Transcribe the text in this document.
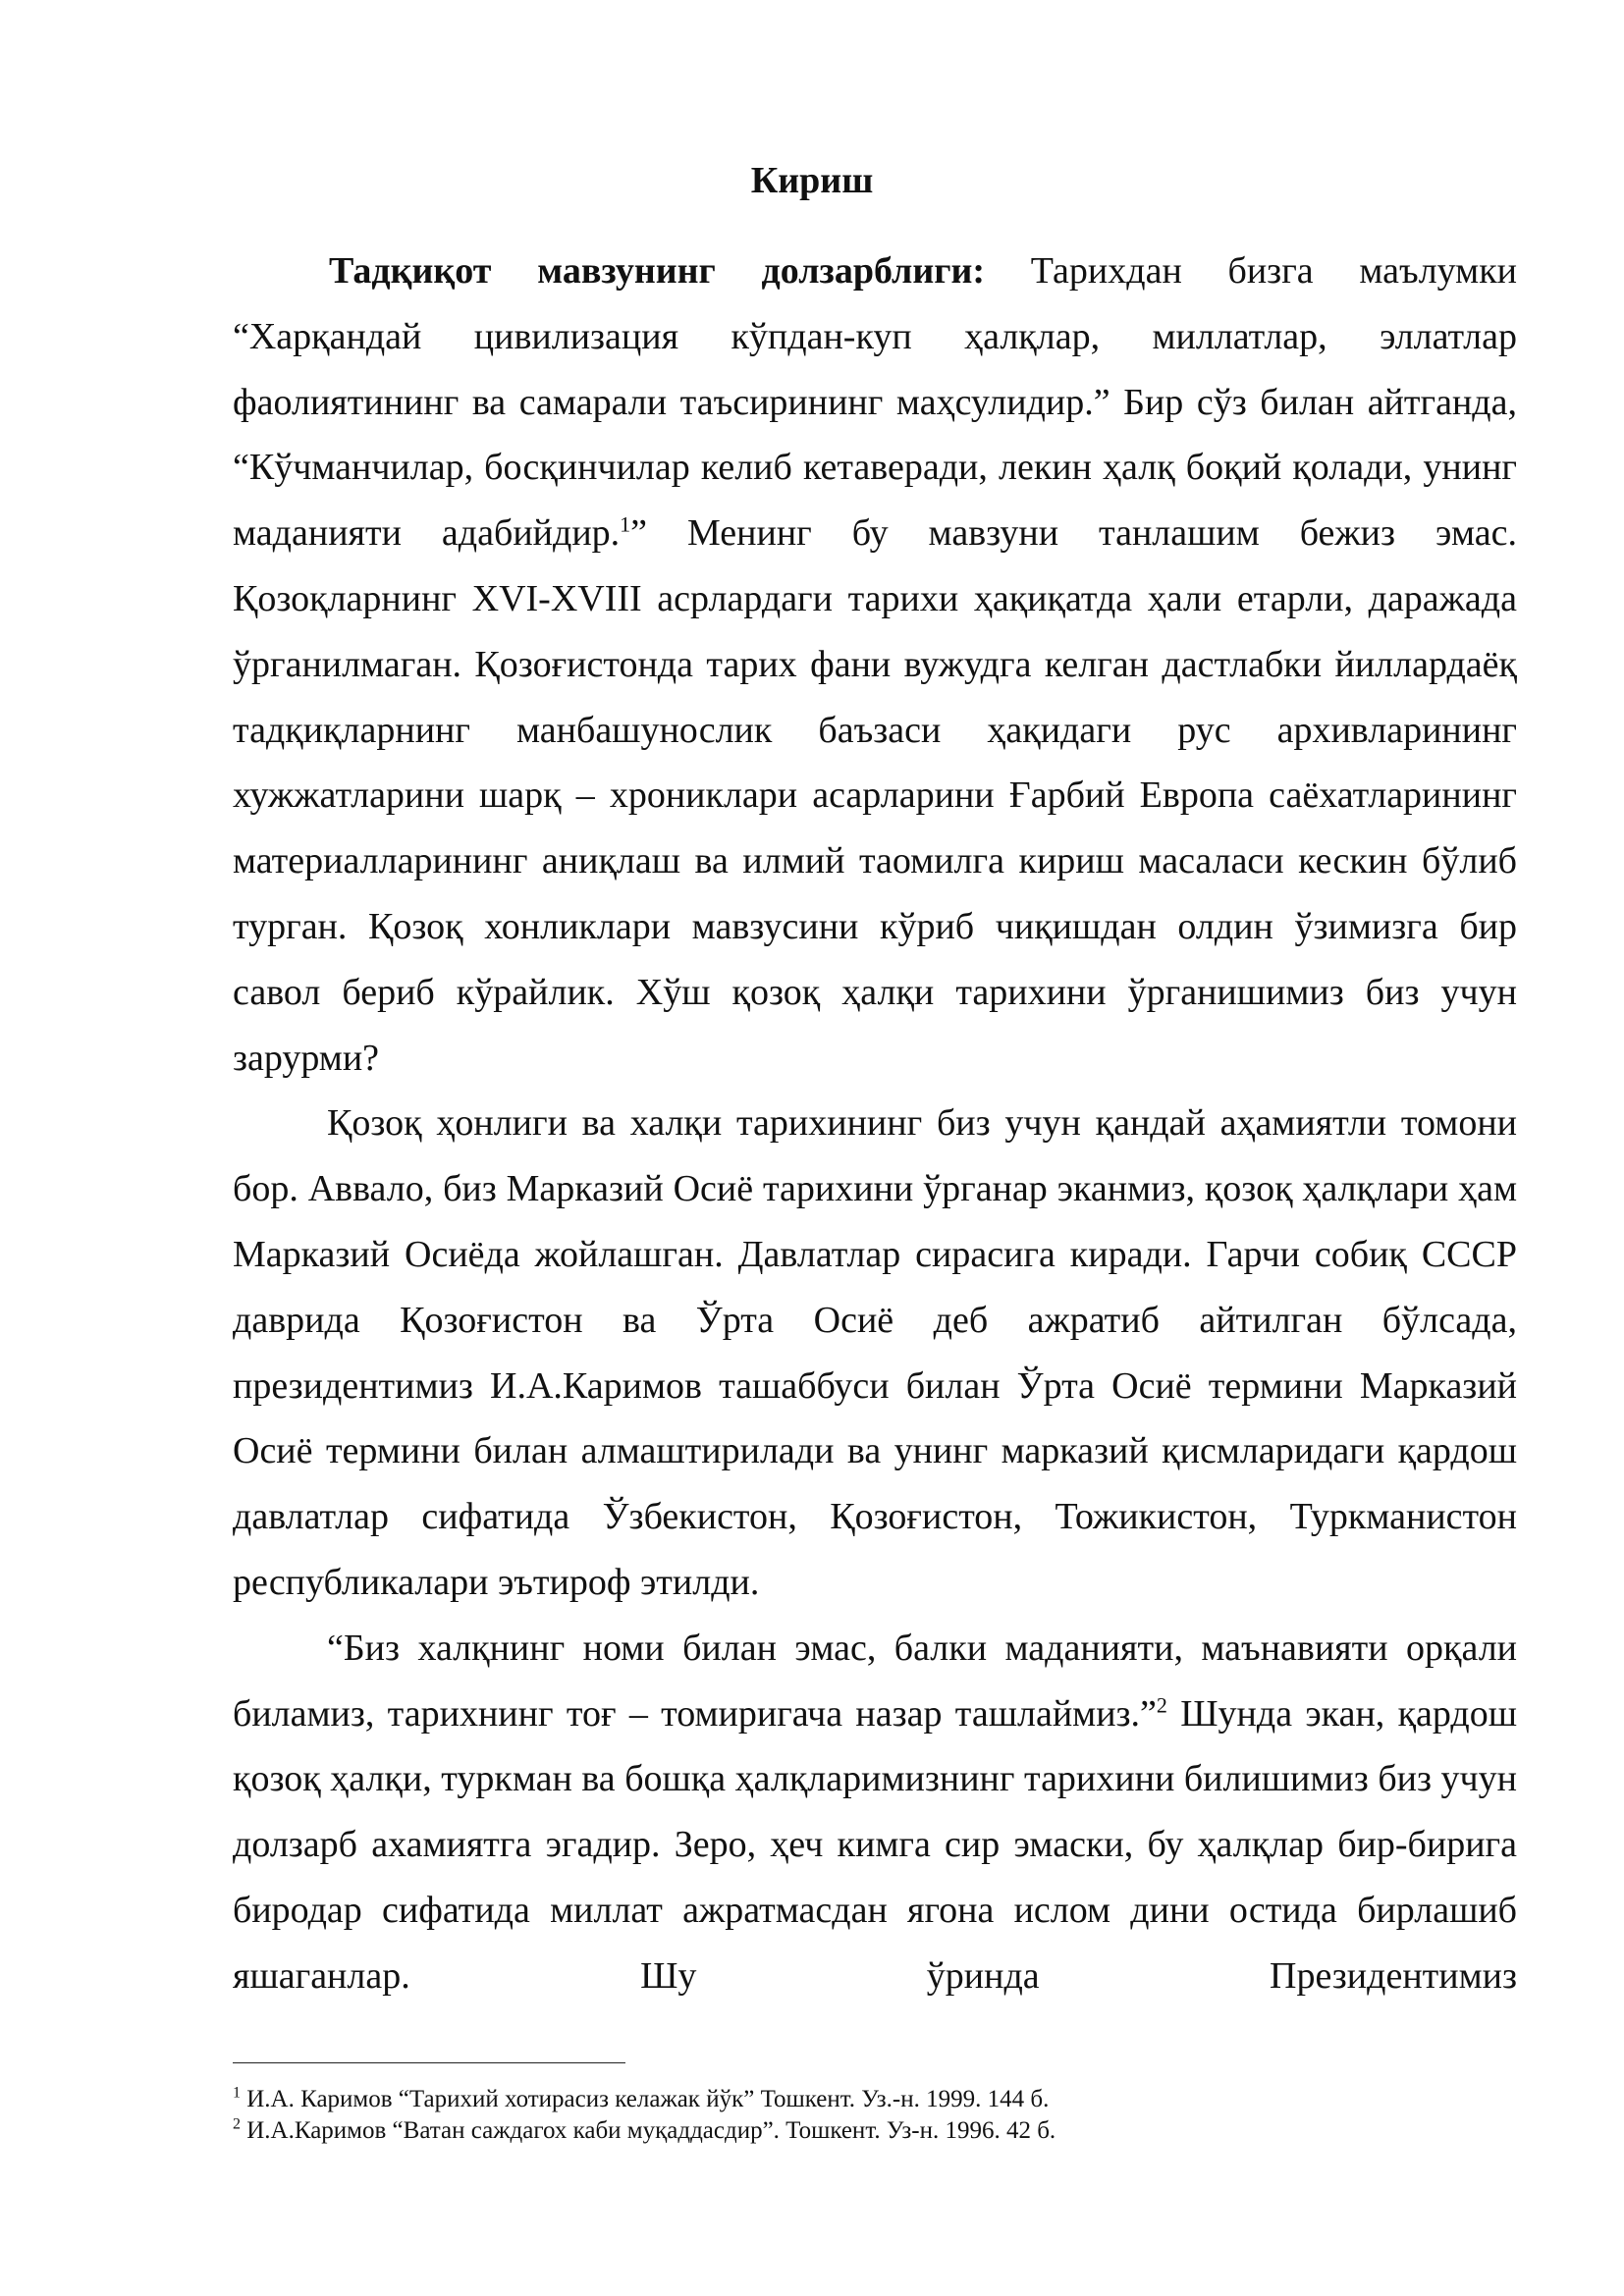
Кириш

Тадқиқот мавзунинг долзарблиги: Тарихдан бизга маълумки “Харқандай цивилизация кўпдан-куп ҳалқлар, миллатлар, эллатлар фаолиятининг ва самарали таъсирининг маҳсулидир.” Бир сўз билан айтганда, “Кўчманчилар, босқинчилар келиб кетаверади, лекин ҳалқ боқий қолади, унинг маданияти адабийдир.$^1$” Менинг бу мавзуни танлашим бежиз эмас. Қозоқларнинг XVI-XVIII асрлардаги тарихи ҳақиқатда ҳали етарли, даражада ўрганилмаган. Қозоғистонда тарих фани вужудга келган дастлабки йиллардаёқ тадқиқларнинг манбашунослик баъзаси ҳақидаги рус архивларининг хужжатларини шарқ – хрониклари асарларини Ғарбий Европа саёхатларининг материалларининг аниқлаш ва илмий таомилга кириш масаласи кескин бўлиб турган. Қозоқ хонликлари мавзусини кўриб чиқишдан олдин ўзимизга бир савол бериб кўрайлик. Хўш қозоқ ҳалқи тарихини ўрганишимиз биз учун зарурми?

Қозоқ ҳонлиги ва халқи тарихининг биз учун қандай аҳамиятли томони бор. Аввало, биз Марказий Осиё тарихини ўрганар эканмиз, қозоқ ҳалқлари ҳам Марказий Осиёда жойлашган. Давлатлар сирасига киради. Гарчи собиқ СССР даврида Қозоғистон ва Ўрта Осиё деб ажратиб айтилган бўлсада, президентимиз И.А.Каримов ташаббуси билан Ўрта Осиё термини Марказий Осиё термини билан алмаштирилади ва унинг марказий қисмларидаги қардош давлатлар сифатида Ўзбекистон, Қозоғистон, Тожикистон, Туркманистон республикалари эътироф этилди.

“Биз халқнинг номи билан эмас, балки маданияти, маънавияти орқали биламиз, тарихнинг тоғ – томиригача назар ташлаймиз.”$^2$ Шунда экан, қардош қозоқ ҳалқи, туркман ва бошқа ҳалқларимизнинг тарихини билишимиз биз учун долзарб ахамиятга эгадир. Зеро, ҳеч кимга сир эмаски, бу ҳалқлар бир-бирига биродар сифатида миллат ажратмасдан ягона ислом дини остида бирлашиб яшаганлар. Шу ўринда Президентимиз

$^1$ И.А. Каримов “Тарихий хотирасиз келажак йўк” Тошкент. Уз.-н. 1999. 144 б.

$^2$ И.А.Каримов “Ватан саждагох каби муқаддасдир”. Тошкент. Уз-н. 1996. 42 б.
